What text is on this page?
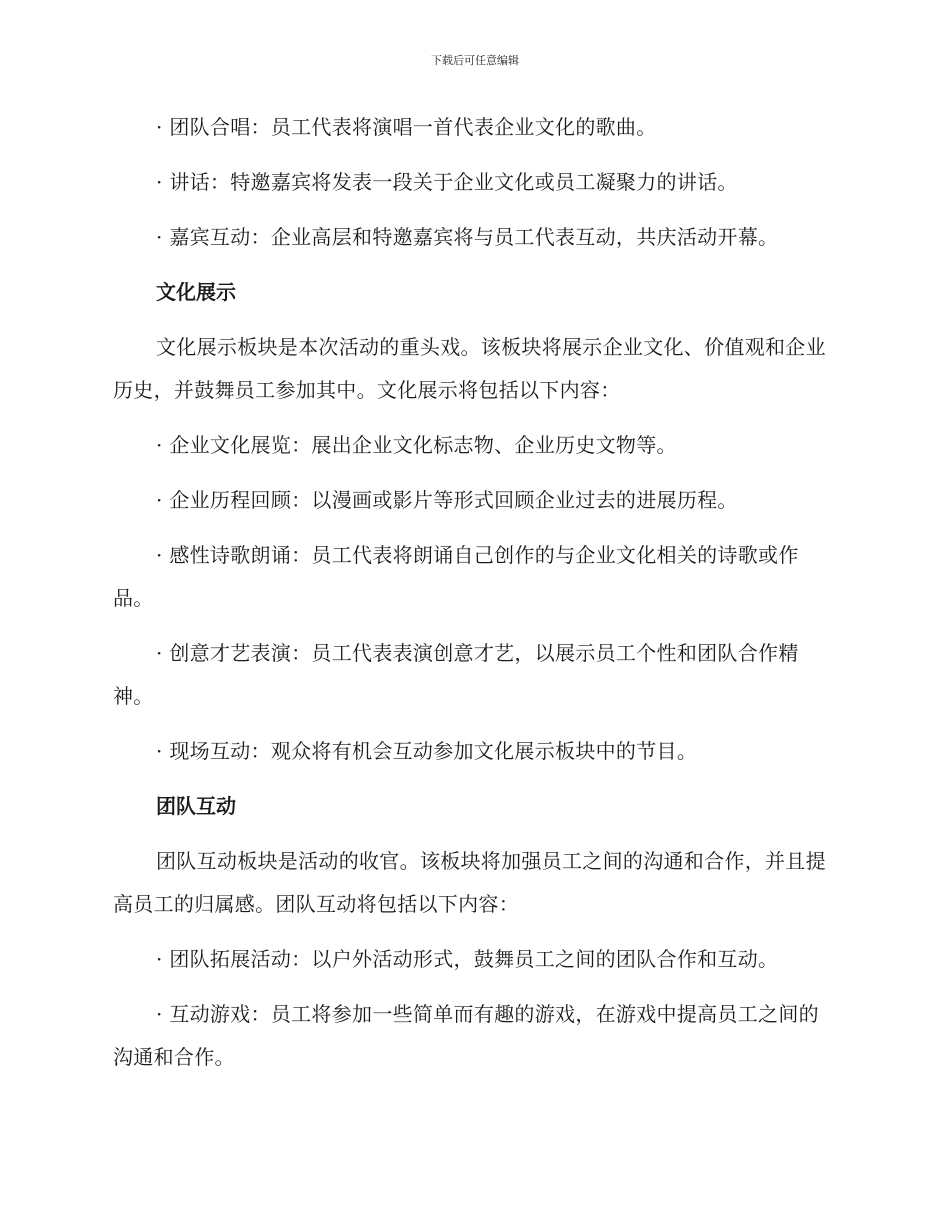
下载后可任意编辑

· 团队合唱：员工代表将演唱一首代表企业文化的歌曲。

· 讲话：特邀嘉宾将发表一段关于企业文化或员工凝聚力的讲话。

· 嘉宾互动：企业高层和特邀嘉宾将与员工代表互动，共庆活动开幕。

文化展示

文化展示板块是本次活动的重头戏。该板块将展示企业文化、价值观和企业历史，并鼓舞员工参加其中。文化展示将包括以下内容：

· 企业文化展览：展出企业文化标志物、企业历史文物等。

· 企业历程回顾：以漫画或影片等形式回顾企业过去的进展历程。

· 感性诗歌朗诵：员工代表将朗诵自己创作的与企业文化相关的诗歌或作品。

· 创意才艺表演：员工代表表演创意才艺，以展示员工个性和团队合作精神。

· 现场互动：观众将有机会互动参加文化展示板块中的节目。

团队互动

团队互动板块是活动的收官。该板块将加强员工之间的沟通和合作，并且提高员工的归属感。团队互动将包括以下内容：

· 团队拓展活动：以户外活动形式，鼓舞员工之间的团队合作和互动。

· 互动游戏：员工将参加一些简单而有趣的游戏，在游戏中提高员工之间的沟通和合作。
